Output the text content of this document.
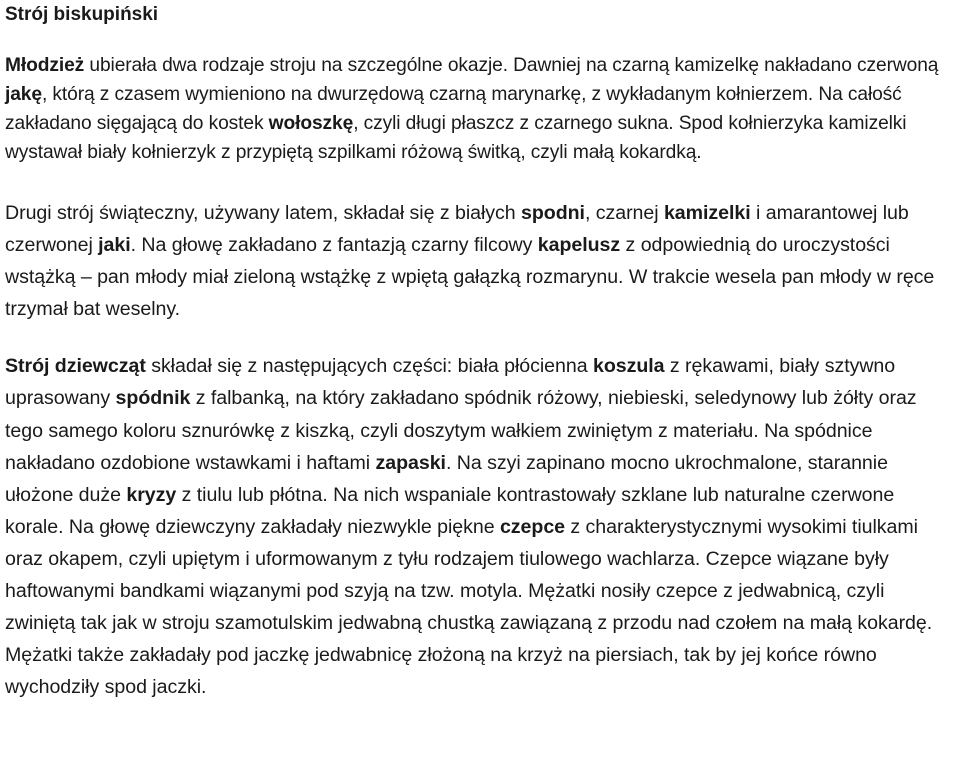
Strój biskupiński

Młodzież ubierała dwa rodzaje stroju na szczególne okazje. Dawniej na czarną kamizelkę nakładano czerwoną jakę, którą z czasem wymieniono na dwurzędową czarną marynarkę, z wykładanym kołnierzem. Na całość zakładano sięgającą do kostek wołoszkę, czyli długi płaszcz z czarnego sukna. Spod kołnierzyka kamizelki wystawał biały kołnierzyk z przypiętą szpilkami różową świtką, czyli małą kokardką.

Drugi strój świąteczny, używany latem, składał się z białych spodni, czarnej kamizelki i amarantowej lub czerwonej jaki. Na głowę zakładano z fantazją czarny filcowy kapelusz z odpowiednią do uroczystości wstążką – pan młody miał zieloną wstążkę z wpiętą gałązką rozmarynu. W trakcie wesela pan młody w ręce trzymał bat weselny.

Strój dziewcząt składał się z następujących części: biała płócienna koszula z rękawami, biały sztywno uprasowany spódnik z falbanką, na który zakładano spódnik różowy, niebieski, seledynowy lub żółty oraz tego samego koloru sznurówkę z kiszką, czyli doszytym wałkiem zwiniętym z materiału. Na spódnice nakładano ozdobione wstawkami i haftami zapaski. Na szyi zapinano mocno ukrochmalone, starannie ułożone duże kryzy z tiulu lub płótna. Na nich wspaniale kontrastowały szklane lub naturalne czerwone korale. Na głowę dziewczyny zakładały niezwykle piękne czepce z charakterystycznymi wysokimi tiulkami oraz okapem, czyli upiętym i uformowanym z tyłu rodzajem tiulowego wachlarza. Czepce wiązane były haftowanymi bandkami wiązanymi pod szyją na tzw. motyla. Mężatki nosiły czepce z jedwabnicą, czyli zwiniętą tak jak w stroju szamotulskim jedwabną chustką zawiązaną z przodu nad czołem na małą kokardę. Mężatki także zakładały pod jaczkę jedwabnicę złożoną na krzyż na piersiach, tak by jej końce równo wychodziły spod jaczki.
